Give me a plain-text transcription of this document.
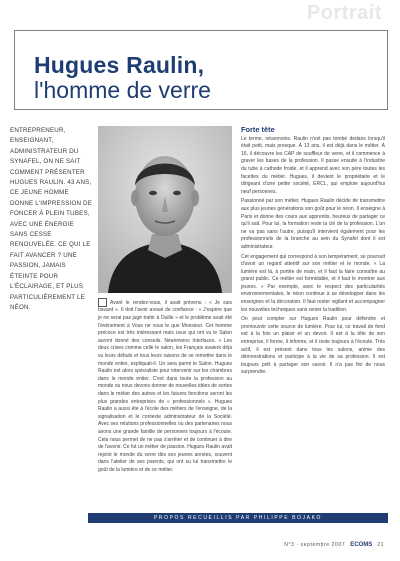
Portrait
Hugues Raulin,
l'homme de verre
ENTREPRENEUR, ENSEIGNANT, ADMINISTRATEUR DU SYNAFEL, ON NE SAIT COMMENT PRÉSENTER HUGUES RAULIN. 43 ANS, CE JEUNE HOMME DONNE L'IMPRESSION DE FONCER À PLEIN TUBES, AVEC UNE ÉNERGIE SANS CESSE RENOUVELÉE. CE QUI LE FAIT AVANCER ? UNE PASSION, JAMAIS ÉTEINTE POUR L'ÉCLAIRAGE, ET PLUS PARTICULIÈREMENT LE NÉON.
Avant le rendez-vous, il avait prévenu : « Je suis bavard ». Il doit l'avoir avoué de confiance : « J'espère que je ne serai pas jugé trahir à Ouille » et le problème avait été l'évènement à Vous ne vous le que Monsieur. Cet homme précoce est très intéressant mais ceux qui ont vu le Salon auront donné des conseils. Néanmoins Interfaces. « Les deux crises comme celle le salon, les Français avaient déjà vu leurs débuts et tous leurs raisons de se remettre dans le monde entier, expliquait-il. Un sera parmi le Salon. Hugues Raulin est alors spécialiste pour intervenir sur les chambres dans le monde entier. C'est dans toute la profession au monde ou nous devons donner de nouvelles idées de sortes dans le métier des autres et les futures fonctions seront les plus grandes entreprises de « professionnels ». Hugues Raulin a aussi été à l'école des métiers de l'enseigne, de la signalisation et le contexte administrateur de la Société. Avec ses relations professionnelles ou des partenaires nous avons une grande famille de personnes toujours à l'écoute. Cela nous permet de ne pas s'arrêter et de continuer à dire de l'avenir. Ce fut un métier de passion. Hugues Raulin avait rejoint le monde du verre dès ses jeunes années, souvent dans l'atelier de ses parents, qui ont su lui transmettre le goût de la lumière et de ce métier.
Forte tête

Le terme, néanmoins. Raulin n'est pas tombé dedans lorsqu'il était petit, mais presque. À 13 ans, il est déjà dans le métier. À 16, il découvre les CAP de souffleur de verre, et il commence à graver les bases de la profession. Il passe ensuite à l'industrie du tube à cathode froide, et il apprend avec son père toutes les facettes du métier. Hugues, il devient le propriétaire et le dirigeant d'une petite société, ERCL, qui emploie aujourd'hui neuf personnes.

Passionné par son métier, Hugues Raulin décide de transmettre aux plus jeunes générations son goût pour le néon. Il enseigne à Paris et donne des cours aux apprentis, heureux de partager ce qu'il sait. Pour lui, la formation reste la clé de la profession. L'un ne va pas sans l'autre, puisqu'il intervient également pour les professionnels de la branche au sein du Synafel dont il est administrateur.

Cet engagement qui correspond à son tempérament, se poursuit d'avoir un regard attentif sur son métier et le monde. « La lumière est là, à portée de main, et il faut la faire connaître au grand public. Ce métier est formidable, et il faut le montrer aux jeunes. » Par exemple, avec le respect des particularités environnementales, le néon continue à se développer dans les enseignes et la décoration. Il faut rester vigilant et accompagner les nouvelles techniques sans renier la tradition.

On peut compter sur Hugues Raulin pour défendre et promouvoir cette source de lumière. Pour lui, ce travail de fond est à la fois un plaisir et un devoir. Il est à la tête de son entreprise, il forme, il informe, et il reste toujours à l'écoute. Très actif, il est présent dans tous les salons, anime des démonstrations et participe à la vie de sa profession. Il est toujours prêt à partager son savoir. Il n'a pas fini de nous surprendre.

PROPOS RECUEILLIS PAR PHILIPPE BOJAKO
N°3 · septembre 2007 ECOMS 21
